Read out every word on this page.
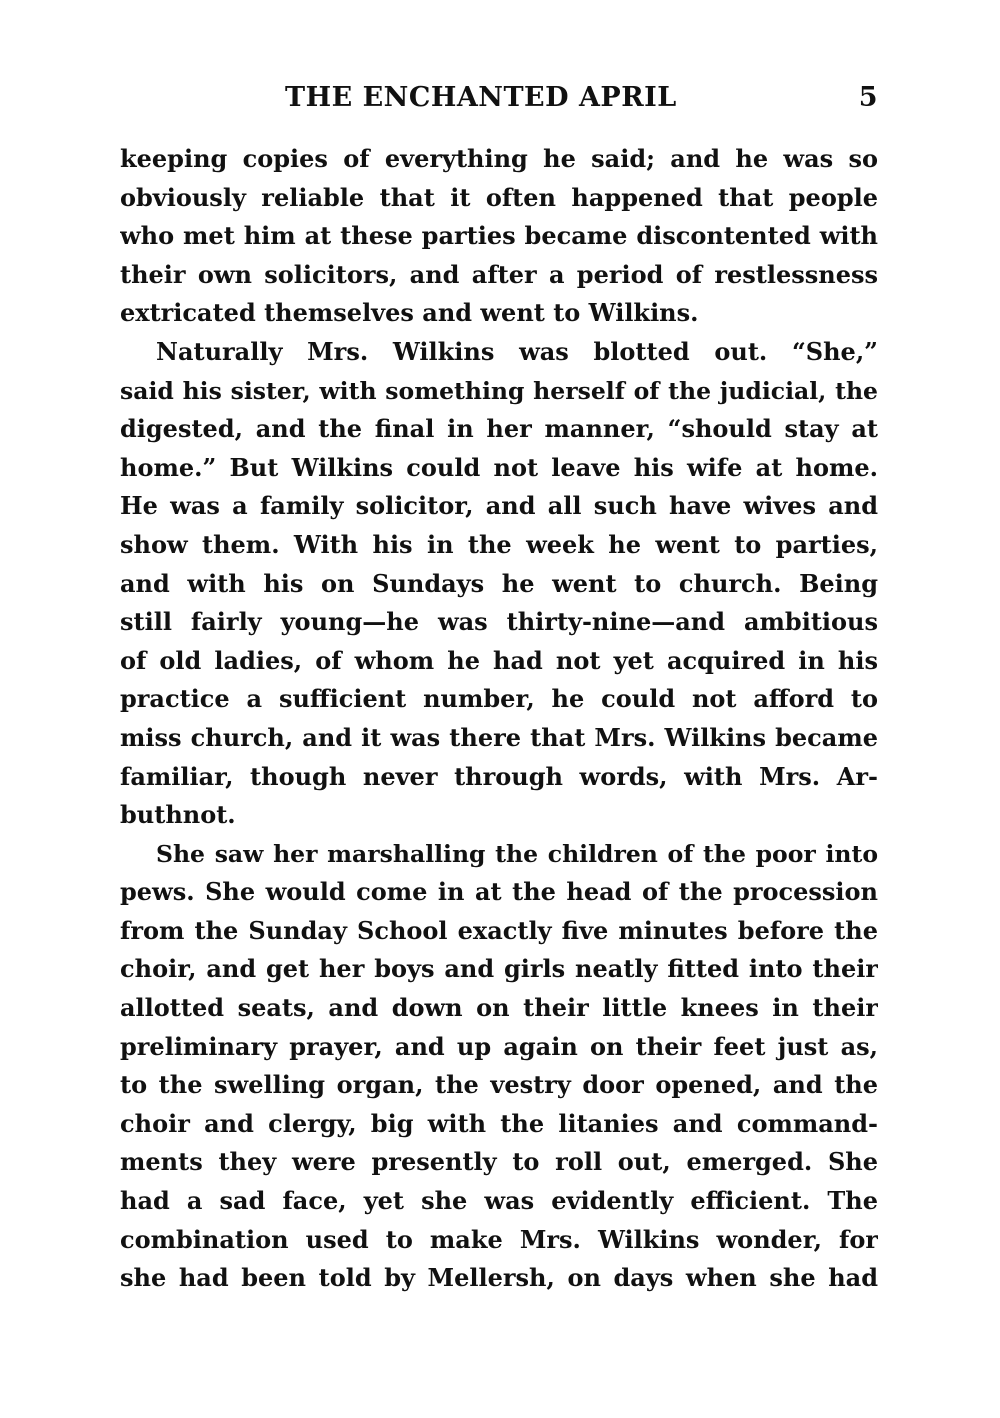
THE ENCHANTED APRIL	5
keeping copies of everything he said; and he was so
obviously reliable that it often happened that people
who met him at these parties became discontented with
their own solicitors, and after a period of restlessness
extricated themselves and went to Wilkins.
Naturally Mrs. Wilkins was blotted out. “She,”
said his sister, with something herself of the judicial, the
digested, and the final in her manner, “should stay at
home.” But Wilkins could not leave his wife at home.
He was a family solicitor, and all such have wives and
show them. With his in the week he went to parties,
and with his on Sundays he went to church. Being
still fairly young—he was thirty-nine—and ambitious
of old ladies, of whom he had not yet acquired in his
practice a sufficient number, he could not afford to
miss church, and it was there that Mrs. Wilkins became
familiar, though never through words, with Mrs. Ar-
buthnot.
She saw her marshalling the children of the poor into
pews. She would come in at the head of the procession
from the Sunday School exactly five minutes before the
choir, and get her boys and girls neatly fitted into their
allotted seats, and down on their little knees in their
preliminary prayer, and up again on their feet just as,
to the swelling organ, the vestry door opened, and the
choir and clergy, big with the litanies and command-
ments they were presently to roll out, emerged. She
had a sad face, yet she was evidently efficient. The
combination used to make Mrs. Wilkins wonder, for
she had been told by Mellersh, on days when she had
